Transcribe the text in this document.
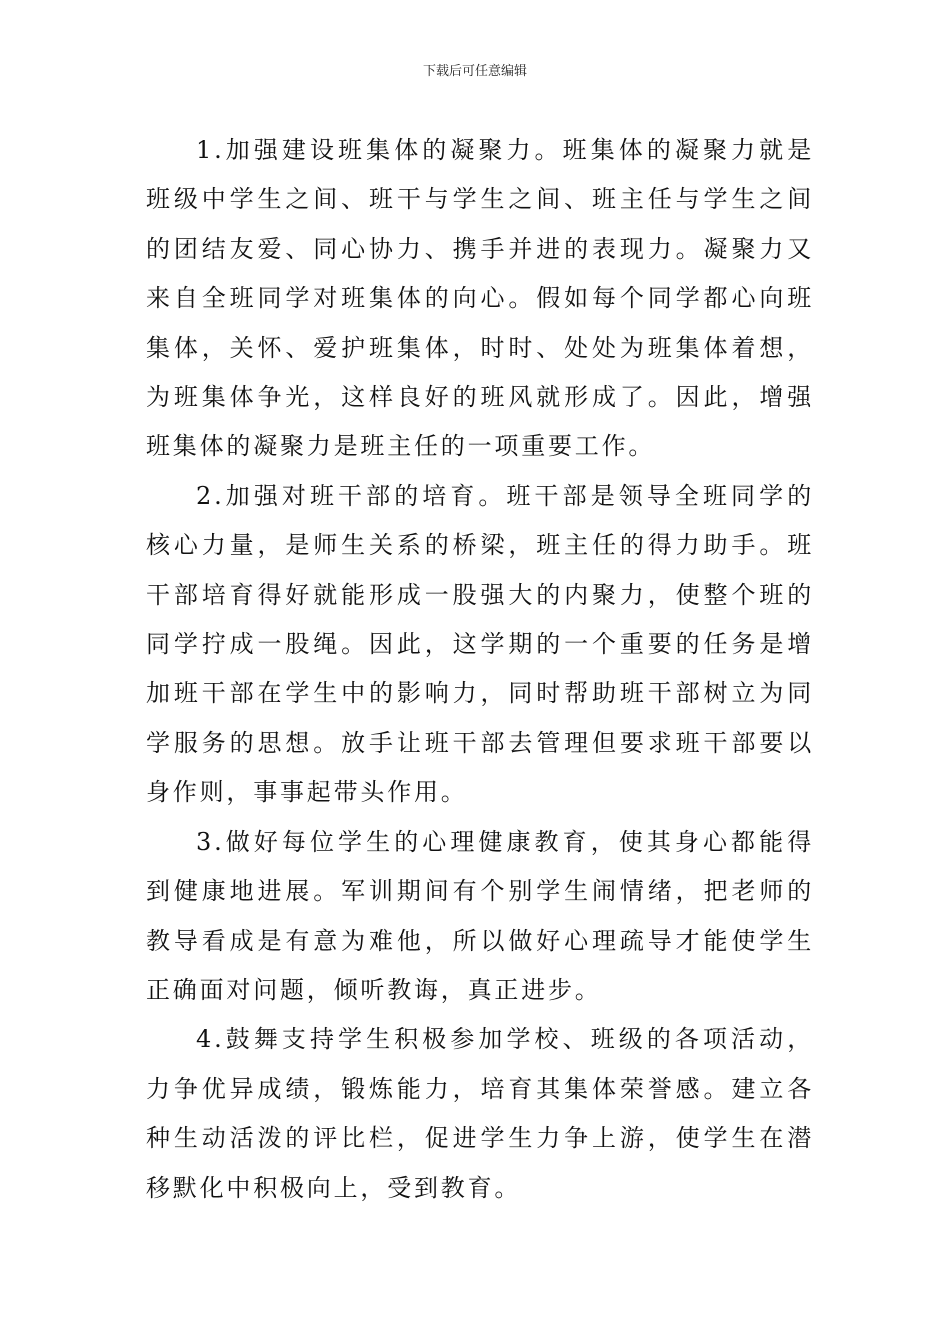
下载后可任意编辑

1.加强建设班集体的凝聚力。班集体的凝聚力就是班级中学生之间、班干与学生之间、班主任与学生之间的团结友爱、同心协力、携手并进的表现力。凝聚力又来自全班同学对班集体的向心。假如每个同学都心向班集体，关怀、爱护班集体，时时、处处为班集体着想，为班集体争光，这样良好的班风就形成了。因此，增强班集体的凝聚力是班主任的一项重要工作。

2.加强对班干部的培育。班干部是领导全班同学的核心力量，是师生关系的桥梁，班主任的得力助手。班干部培育得好就能形成一股强大的内聚力，使整个班的同学拧成一股绳。因此，这学期的一个重要的任务是增加班干部在学生中的影响力，同时帮助班干部树立为同学服务的思想。放手让班干部去管理但要求班干部要以身作则，事事起带头作用。

3.做好每位学生的心理健康教育，使其身心都能得到健康地进展。军训期间有个别学生闹情绪，把老师的教导看成是有意为难他，所以做好心理疏导才能使学生正确面对问题，倾听教诲，真正进步。

4.鼓舞支持学生积极参加学校、班级的各项活动，力争优异成绩，锻炼能力，培育其集体荣誉感。建立各种生动活泼的评比栏，促进学生力争上游，使学生在潜移默化中积极向上，受到教育。
